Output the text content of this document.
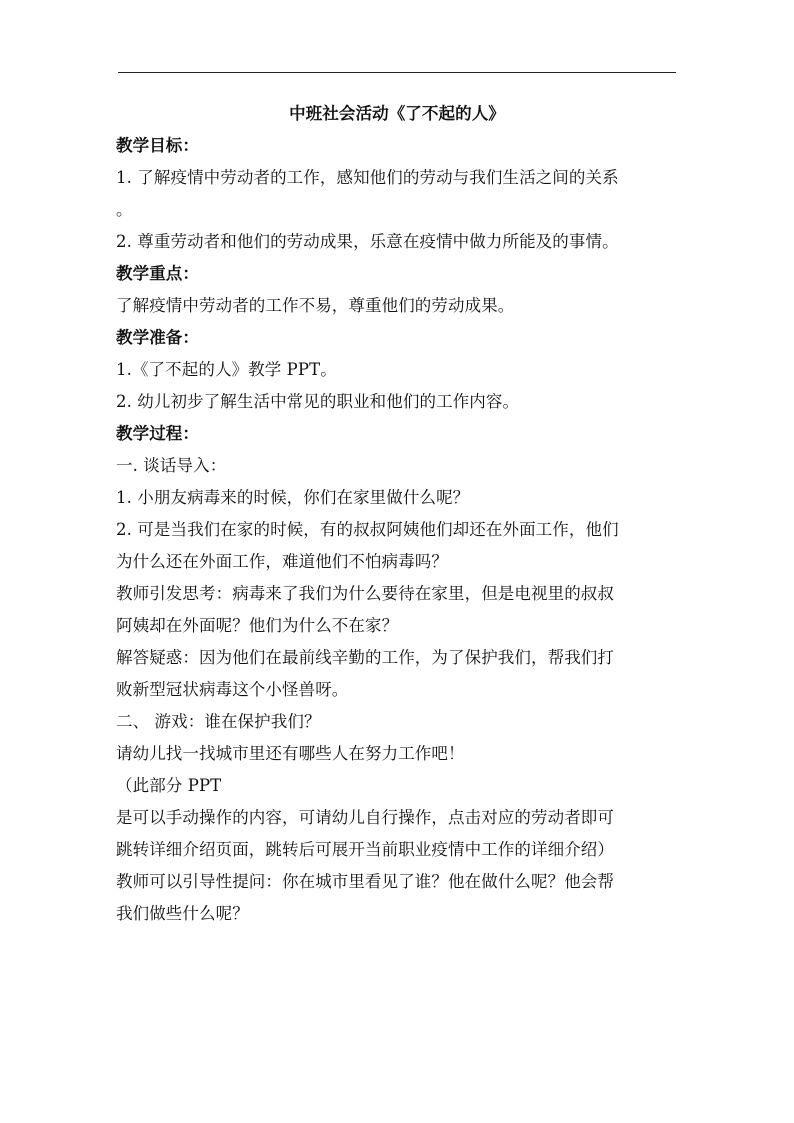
中班社会活动《了不起的人》
教学目标：
1. 了解疫情中劳动者的工作，感知他们的劳动与我们生活之间的关系
。
2. 尊重劳动者和他们的劳动成果，乐意在疫情中做力所能及的事情。
教学重点：
了解疫情中劳动者的工作不易，尊重他们的劳动成果。
教学准备：
1.《了不起的人》教学 PPT。
2. 幼儿初步了解生活中常见的职业和他们的工作内容。
教学过程：
一. 谈话导入：
1. 小朋友病毒来的时候，你们在家里做什么呢？
2. 可是当我们在家的时候，有的叔叔阿姨他们却还在外面工作，他们
为什么还在外面工作，难道他们不怕病毒吗？
教师引发思考：病毒来了我们为什么要待在家里，但是电视里的叔叔
阿姨却在外面呢？他们为什么不在家？
解答疑惑：因为他们在最前线辛勤的工作，为了保护我们，帮我们打
败新型冠状病毒这个小怪兽呀。
二、 游戏：谁在保护我们？
请幼儿找一找城市里还有哪些人在努力工作吧！
（此部分 PPT
是可以手动操作的内容，可请幼儿自行操作，点击对应的劳动者即可
跳转详细介绍页面，跳转后可展开当前职业疫情中工作的详细介绍）
教师可以引导性提问：你在城市里看见了谁？他在做什么呢？他会帮
我们做些什么呢？
